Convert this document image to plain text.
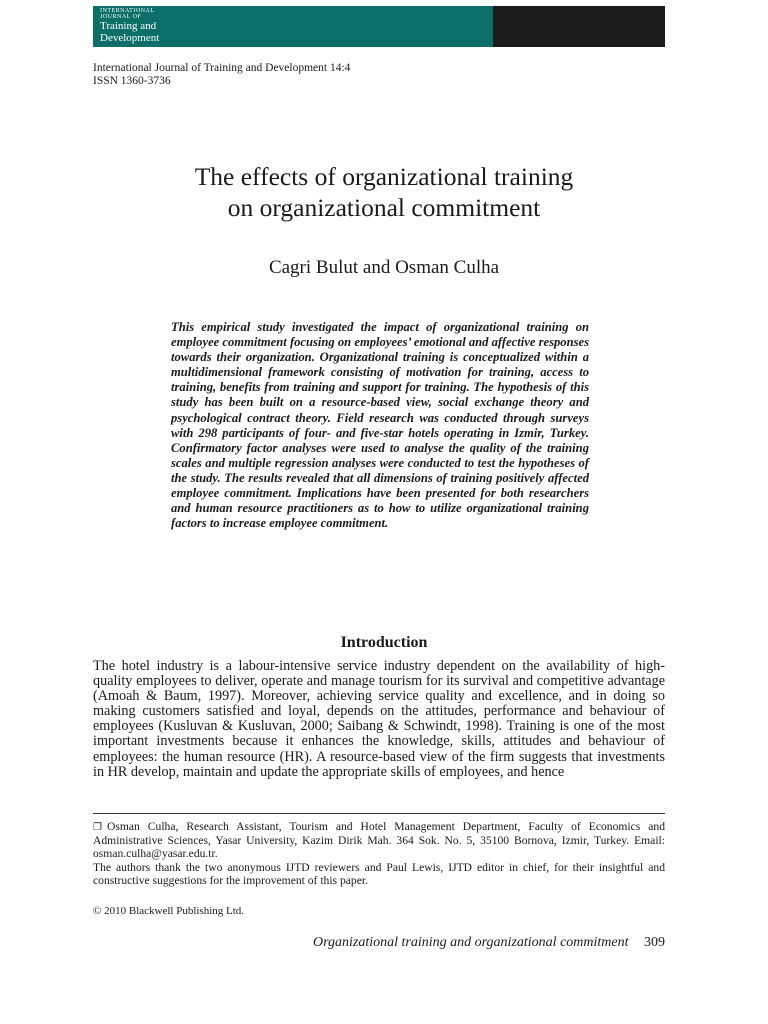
INTERNATIONAL
JOURNAL OF
Training and
Development
International Journal of Training and Development 14:4
ISSN 1360-3736
The effects of organizational training
on organizational commitment
Cagri Bulut and Osman Culha
This empirical study investigated the impact of organizational training on employee commitment focusing on employees’ emotional and affective responses towards their organization. Organizational training is conceptualized within a multidimensional framework consisting of motivation for training, access to training, benefits from training and support for training. The hypothesis of this study has been built on a resource-based view, social exchange theory and psychological contract theory. Field research was conducted through surveys with 298 participants of four- and five-star hotels operating in Izmir, Turkey. Confirmatory factor analyses were used to analyse the quality of the training scales and multiple regression analyses were conducted to test the hypotheses of the study. The results revealed that all dimensions of training positively affected employee commitment. Implications have been presented for both researchers and human resource practitioners as to how to utilize organizational training factors to increase employee commitment.
Introduction
The hotel industry is a labour-intensive service industry dependent on the availability of high-quality employees to deliver, operate and manage tourism for its survival and competitive advantage (Amoah & Baum, 1997). Moreover, achieving service quality and excellence, and in doing so making customers satisfied and loyal, depends on the attitudes, performance and behaviour of employees (Kusluvan & Kusluvan, 2000; Saibang & Schwindt, 1998). Training is one of the most important investments because it enhances the knowledge, skills, attitudes and behaviour of employees: the human resource (HR). A resource-based view of the firm suggests that investments in HR develop, maintain and update the appropriate skills of employees, and hence

❐ Osman Culha, Research Assistant, Tourism and Hotel Management Department, Faculty of Economics and Administrative Sciences, Yasar University, Kazim Dirik Mah. 364 Sok. No. 5, 35100 Bornova, Izmir, Turkey. Email: osman.culha@yasar.edu.tr.

The authors thank the two anonymous IJTD reviewers and Paul Lewis, IJTD editor in chief, for their insightful and constructive suggestions for the improvement of this paper.

© 2010 Blackwell Publishing Ltd.
Organizational training and organizational commitment 309
